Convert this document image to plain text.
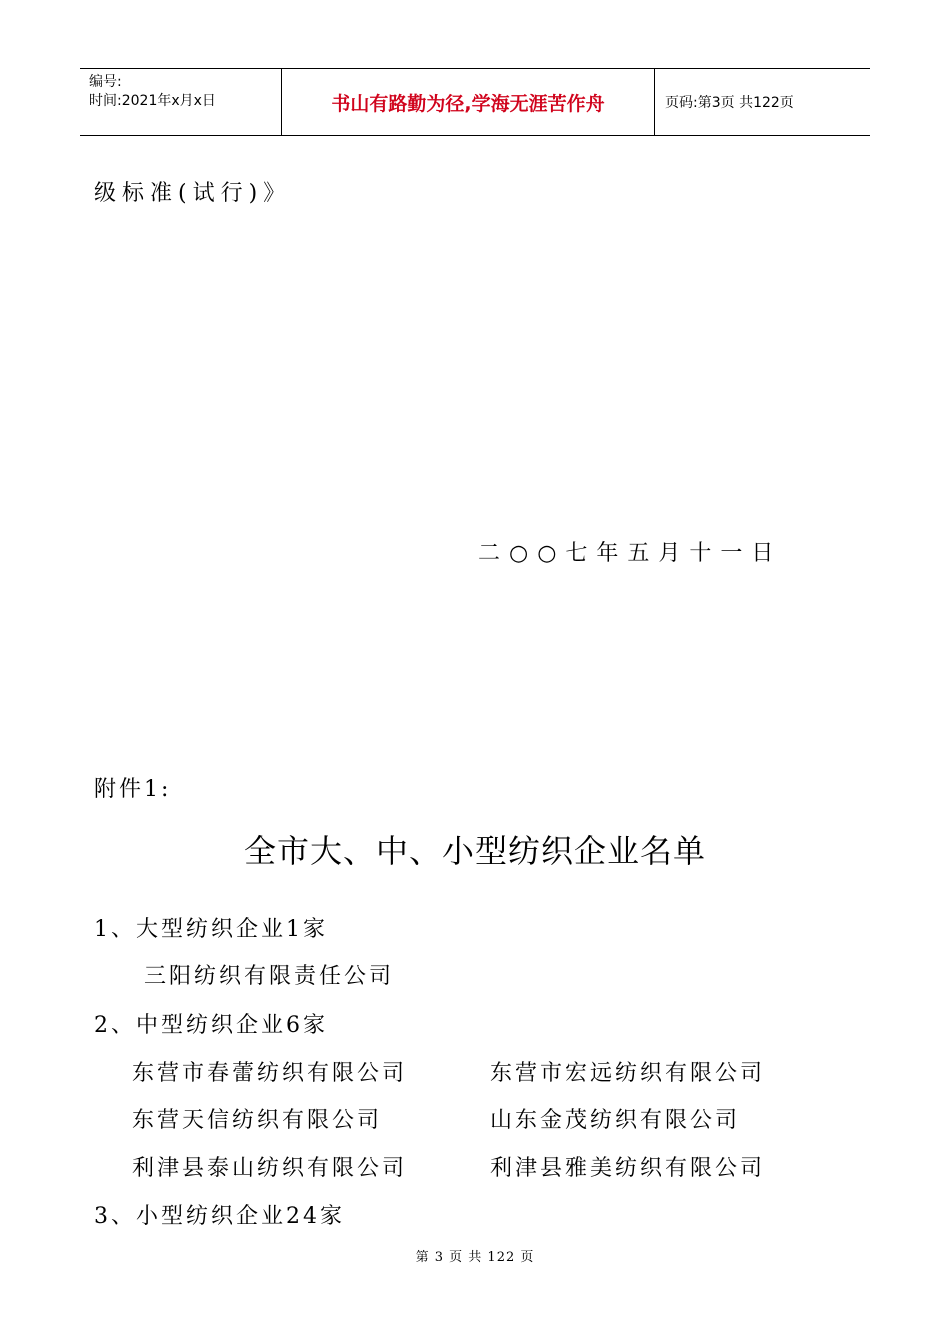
编号:
时间:2021年x月x日	书山有路勤为径,学海无涯苦作舟	页码:第3页 共122页
级标准(试行)》
二○○七年五月十一日
附件1:
全市大、中、小型纺织企业名单
1、大型纺织企业1家
三阳纺织有限责任公司
2、中型纺织企业6家
东营市春蕾纺织有限公司	东营市宏远纺织有限公司
东营天信纺织有限公司	山东金茂纺织有限公司
利津县泰山纺织有限公司	利津县雅美纺织有限公司
3、小型纺织企业24家
第 3 页 共 122 页
